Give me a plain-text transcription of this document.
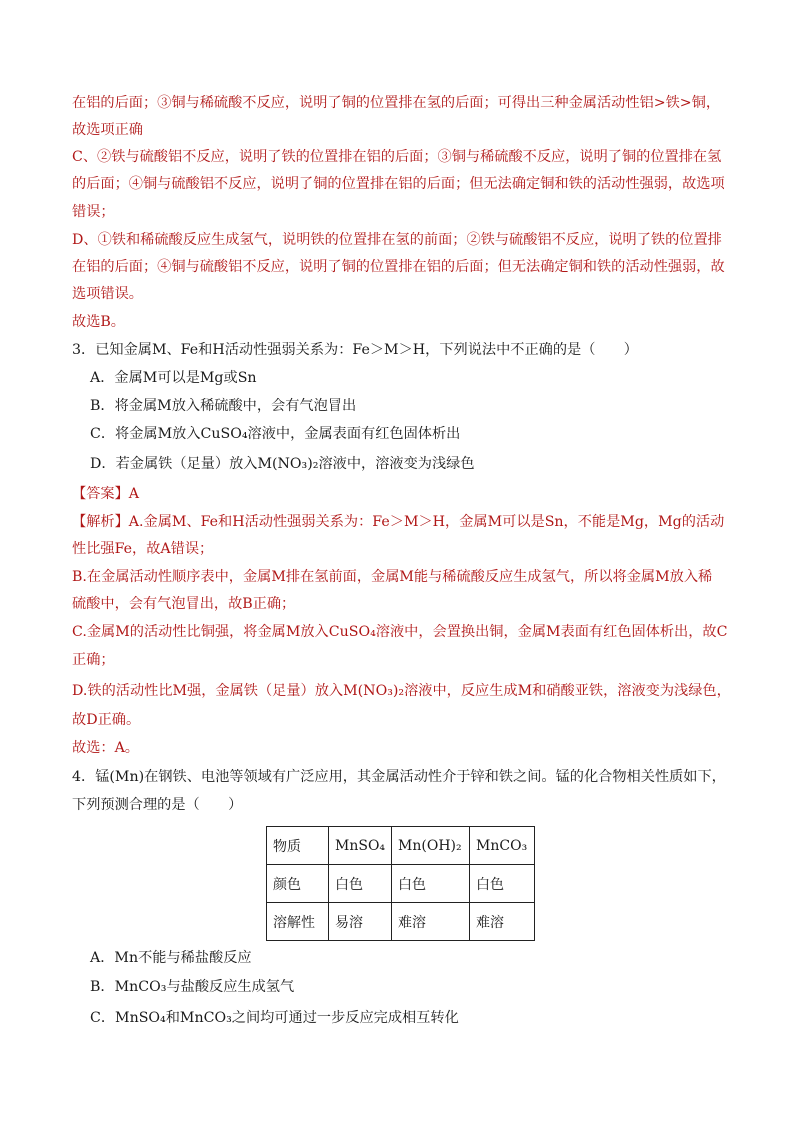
在铝的后面；③铜与稀硫酸不反应，说明了铜的位置排在氢的后面；可得出三种金属活动性铝>铁>铜，
故选项正确
C、②铁与硫酸铝不反应，说明了铁的位置排在铝的后面；③铜与稀硫酸不反应，说明了铜的位置排在氢
的后面；④铜与硫酸铝不反应，说明了铜的位置排在铝的后面；但无法确定铜和铁的活动性强弱，故选项
错误；
D、①铁和稀硫酸反应生成氢气，说明铁的位置排在氢的前面；②铁与硫酸铝不反应，说明了铁的位置排
在铝的后面；④铜与硫酸铝不反应，说明了铜的位置排在铝的后面；但无法确定铜和铁的活动性强弱，故
选项错误。
故选B。
3．已知金属M、Fe和H活动性强弱关系为：Fe＞M＞H，下列说法中不正确的是（　　）
A．金属M可以是Mg或Sn
B．将金属M放入稀硫酸中，会有气泡冒出
C．将金属M放入CuSO₄溶液中，金属表面有红色固体析出
D．若金属铁（足量）放入M(NO₃)₂溶液中，溶液变为浅绿色
【答案】A
【解析】A.金属M、Fe和H活动性强弱关系为：Fe＞M＞H，金属M可以是Sn，不能是Mg，Mg的活动
性比强Fe，故A错误；
B.在金属活动性顺序表中，金属M排在氢前面，金属M能与稀硫酸反应生成氢气，所以将金属M放入稀
硫酸中，会有气泡冒出，故B正确；
C.金属M的活动性比铜强，将金属M放入CuSO₄溶液中，会置换出铜，金属M表面有红色固体析出，故C
正确；
D.铁的活动性比M强，金属铁（足量）放入M(NO₃)₂溶液中，反应生成M和硝酸亚铁，溶液变为浅绿色，
故D正确。
故选：A。
4．锰(Mn)在钢铁、电池等领域有广泛应用，其金属活动性介于锌和铁之间。锰的化合物相关性质如下，
下列预测合理的是（　　）
物质	MnSO₄	Mn(OH)₂	MnCO₃
颜色	白色	白色	白色
溶解性	易溶	难溶	难溶
A．Mn不能与稀盐酸反应
B．MnCO₃与盐酸反应生成氢气
C．MnSO₄和MnCO₃之间均可通过一步反应完成相互转化
